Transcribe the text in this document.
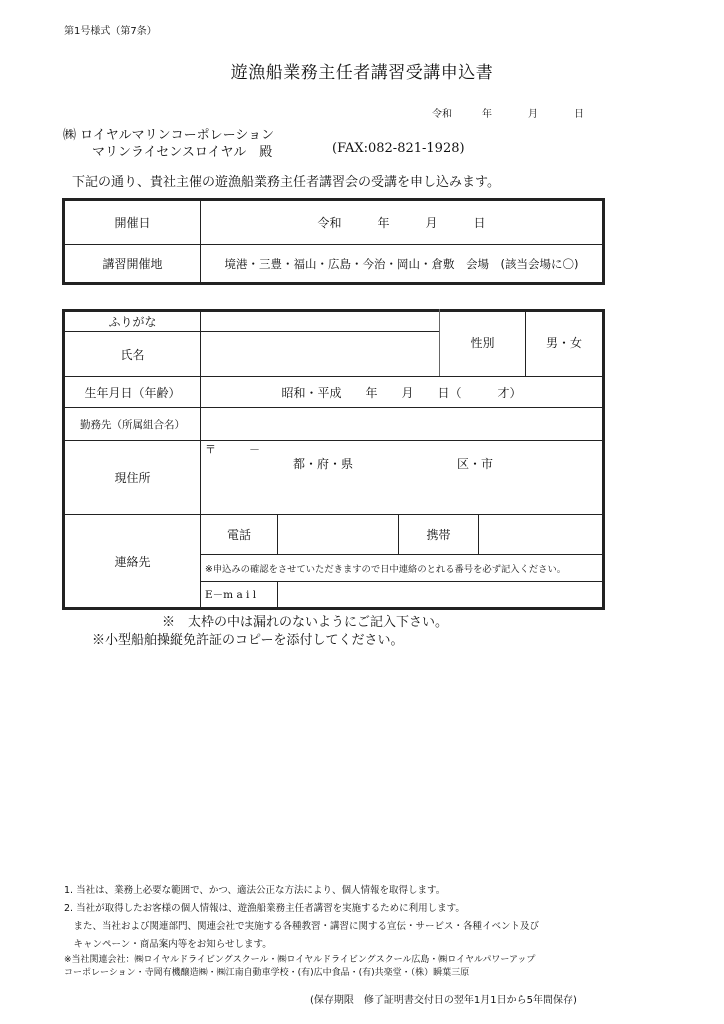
第1号様式（第7条）
遊漁船業務主任者講習受講申込書
令和	年	月	日
㈱ ロイヤルマリンコーポレーション
マリンライセンスロイヤル　殿	(FAX:082-821-1928)
下記の通り、貴社主催の遊漁船業務主任者講習会の受講を申し込みます。
開催日	令和　　　年　　　月　　　日
講習開催地	境港・三豊・福山・広島・今治・岡山・倉敷　会場　(該当会場に〇)
ふりがな
氏名
性別	男・女
生年月日（年齢）	昭和・平成　　年　　月　　日（　　　才）
勤務先（所属組合名）
現住所
〒　　　－
都・府・県	区・市
連絡先
電話	携帯
※申込みの確認をさせていただきますので日中連絡のとれる番号を必ず記入ください。
E－m a i l
※　太枠の中は漏れのないようにご記入下さい。
※小型船舶操縦免許証のコピーを添付してください。
1. 当社は、業務上必要な範囲で、かつ、適法公正な方法により、個人情報を取得します。
2. 当社が取得したお客様の個人情報は、遊漁船業務主任者講習を実施するために利用します。
　また、当社および関連部門、関連会社で実施する各種教習・講習に関する宣伝・サービス・各種イベント及び
　キャンペーン・商品案内等をお知らせします。
※当社関連会社：㈱ロイヤルドライビングスクール・㈱ロイヤルドライビングスクール広島・㈱ロイヤルパワーアップ
コーポレーション・寺岡有機醸造㈱・㈱江南自動車学校・(有)広中食品・(有)共楽堂・（株）瞬葉三原
(保存期限　修了証明書交付日の翌年1月1日から5年間保存)
